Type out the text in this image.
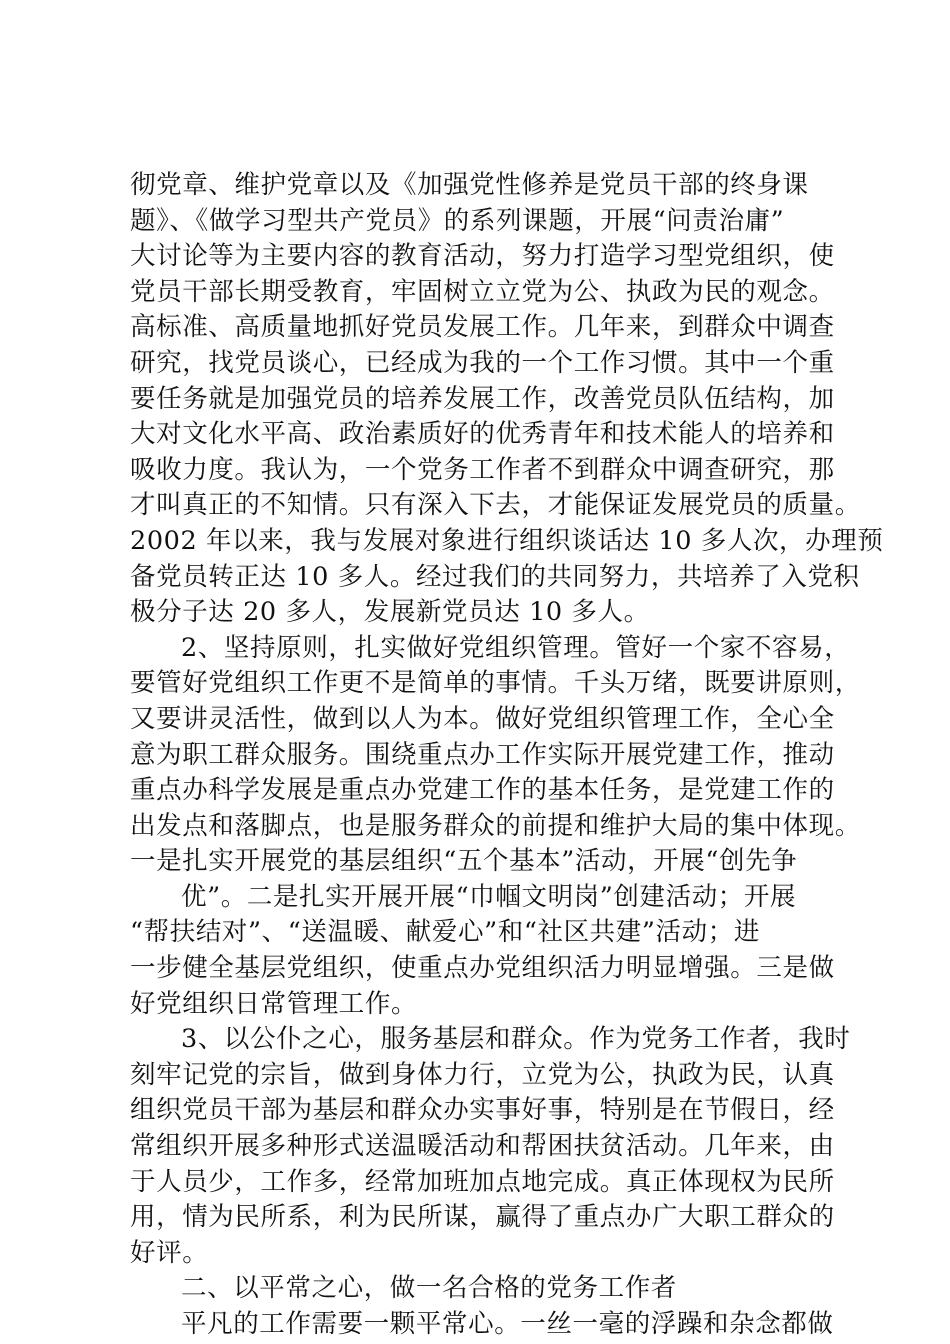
彻党章、维护党章以及《加强党性修养是党员干部的终身课
题》、《做学习型共产党员》的系列课题，开展“问责治庸”
大讨论等为主要内容的教育活动，努力打造学习型党组织，使
党员干部长期受教育，牢固树立立党为公、执政为民的观念。
高标准、高质量地抓好党员发展工作。几年来，到群众中调查
研究，找党员谈心，已经成为我的一个工作习惯。其中一个重
要任务就是加强党员的培养发展工作，改善党员队伍结构，加
大对文化水平高、政治素质好的优秀青年和技术能人的培养和
吸收力度。我认为，一个党务工作者不到群众中调查研究，那
才叫真正的不知情。只有深入下去，才能保证发展党员的质量。
2002 年以来，我与发展对象进行组织谈话达 10 多人次，办理预
备党员转正达 10 多人。经过我们的共同努力，共培养了入党积
极分子达 20 多人，发展新党员达 10 多人。
2、坚持原则，扎实做好党组织管理。管好一个家不容易，
要管好党组织工作更不是简单的事情。千头万绪，既要讲原则，
又要讲灵活性，做到以人为本。做好党组织管理工作，全心全
意为职工群众服务。围绕重点办工作实际开展党建工作，推动
重点办科学发展是重点办党建工作的基本任务，是党建工作的
出发点和落脚点，也是服务群众的前提和维护大局的集中体现。
一是扎实开展党的基层组织“五个基本”活动，开展“创先争
优”。二是扎实开展开展“巾帼文明岗”创建活动；开展
“帮扶结对”、“送温暖、献爱心”和“社区共建”活动；进
一步健全基层党组织，使重点办党组织活力明显增强。三是做
好党组织日常管理工作。
3、以公仆之心，服务基层和群众。作为党务工作者，我时
刻牢记党的宗旨，做到身体力行，立党为公，执政为民，认真
组织党员干部为基层和群众办实事好事，特别是在节假日，经
常组织开展多种形式送温暖活动和帮困扶贫活动。几年来，由
于人员少，工作多，经常加班加点地完成。真正体现权为民所
用，情为民所系，利为民所谋，赢得了重点办广大职工群众的
好评。
二、以平常之心，做一名合格的党务工作者
平凡的工作需要一颗平常心。一丝一毫的浮躁和杂念都做
